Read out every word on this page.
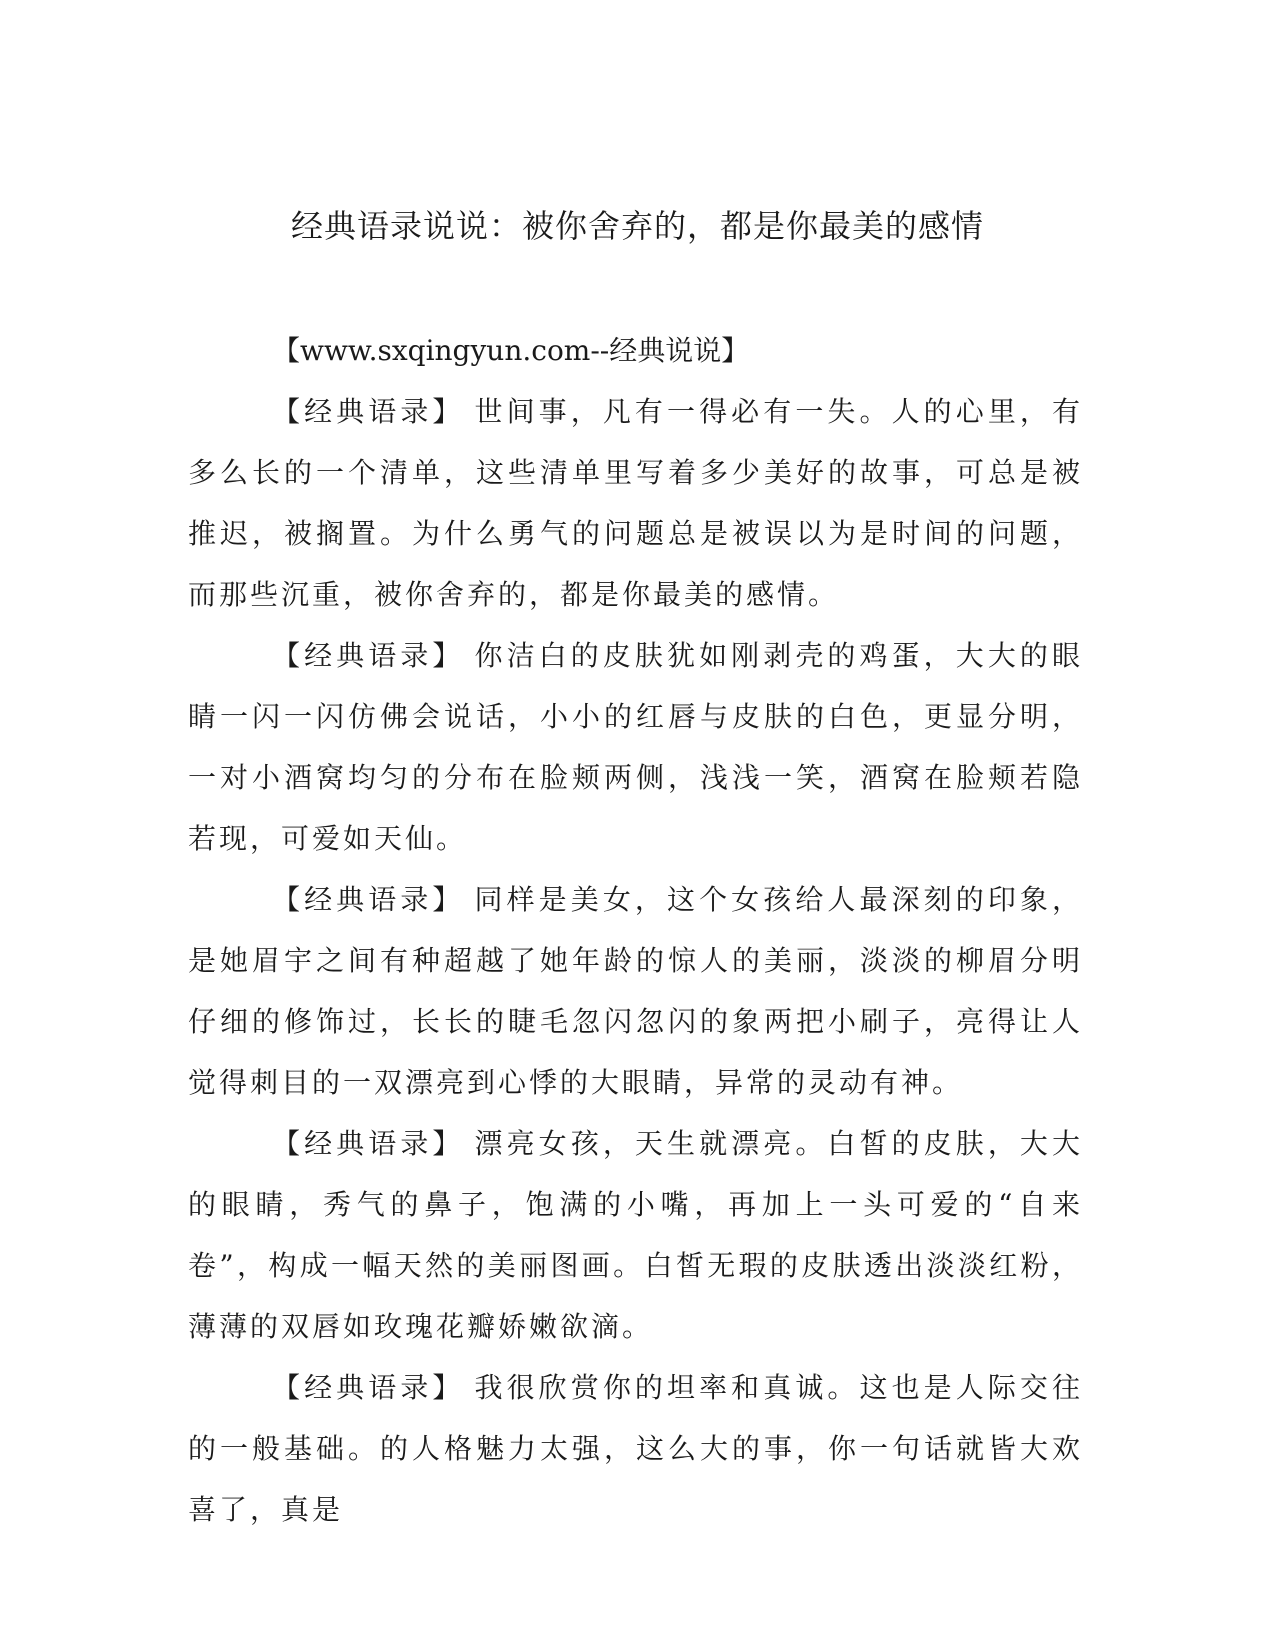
经典语录说说：被你舍弃的，都是你最美的感情

【www.sxqingyun.com--经典说说】

【经典语录】 世间事，凡有一得必有一失。人的心里，有多么长的一个清单，这些清单里写着多少美好的故事，可总是被推迟，被搁置。为什么勇气的问题总是被误以为是时间的问题，而那些沉重，被你舍弃的，都是你最美的感情。

【经典语录】 你洁白的皮肤犹如刚剥壳的鸡蛋，大大的眼睛一闪一闪仿佛会说话，小小的红唇与皮肤的白色，更显分明，一对小酒窝均匀的分布在脸颊两侧，浅浅一笑，酒窝在脸颊若隐若现，可爱如天仙。

【经典语录】 同样是美女，这个女孩给人最深刻的印象，是她眉宇之间有种超越了她年龄的惊人的美丽，淡淡的柳眉分明仔细的修饰过，长长的睫毛忽闪忽闪的象两把小刷子，亮得让人觉得刺目的一双漂亮到心悸的大眼睛，异常的灵动有神。

【经典语录】 漂亮女孩，天生就漂亮。白皙的皮肤，大大的眼睛，秀气的鼻子，饱满的小嘴，再加上一头可爱的“自来卷”，构成一幅天然的美丽图画。白皙无瑕的皮肤透出淡淡红粉，薄薄的双唇如玫瑰花瓣娇嫩欲滴。

【经典语录】 我很欣赏你的坦率和真诚。这也是人际交往的一般基础。的人格魅力太强，这么大的事，你一句话就皆大欢喜了，真是
